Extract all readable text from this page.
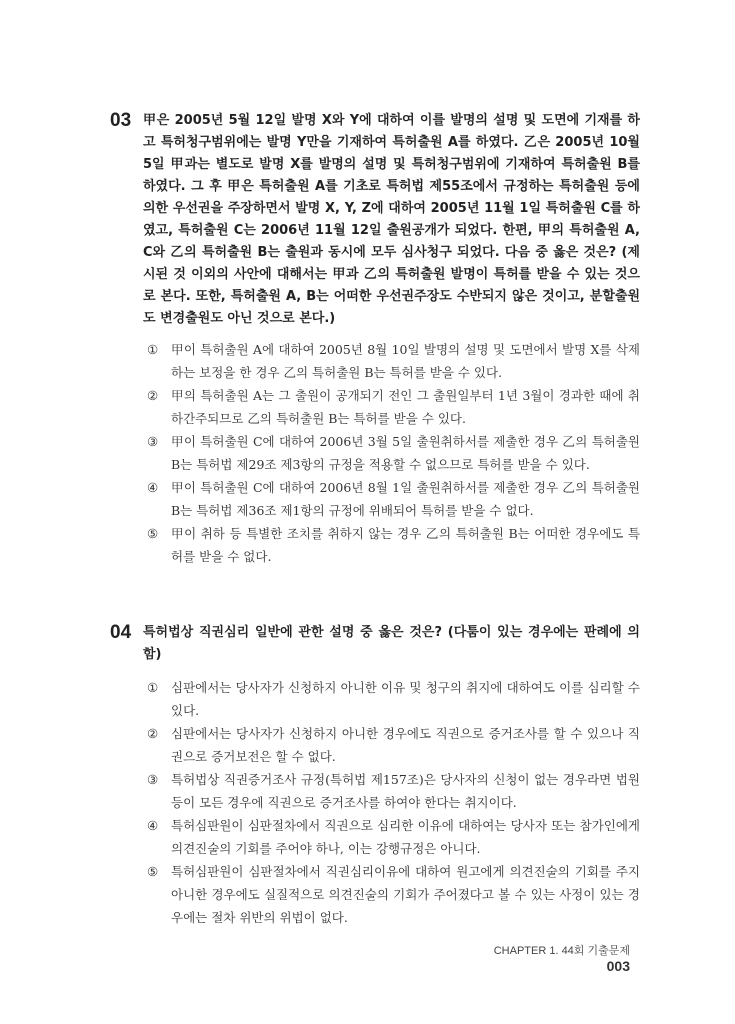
03 甲은 2005년 5월 12일 발명 X와 Y에 대하여 이를 발명의 설명 및 도면에 기재를 하고 특허청구범위에는 발명 Y만을 기재하여 특허출원 A를 하였다. 乙은 2005년 10월 5일 甲과는 별도로 발명 X를 발명의 설명 및 특허청구범위에 기재하여 특허출원 B를 하였다. 그 후 甲은 특허출원 A를 기초로 특허법 제55조에서 규정하는 특허출원 등에 의한 우선권을 주장하면서 발명 X, Y, Z에 대하여 2005년 11월 1일 특허출원 C를 하였고, 특허출원 C는 2006년 11월 12일 출원공개가 되었다. 한편, 甲의 특허출원 A, C와 乙의 특허출원 B는 출원과 동시에 모두 심사청구 되었다. 다음 중 옳은 것은? (제시된 것 이외의 사안에 대해서는 甲과 乙의 특허출원 발명이 특허를 받을 수 있는 것으로 본다. 또한, 특허출원 A, B는 어떠한 우선권주장도 수반되지 않은 것이고, 분할출원도 변경출원도 아닌 것으로 본다.)
①	甲이 특허출원 A에 대하여 2005년 8월 10일 발명의 설명 및 도면에서 발명 X를 삭제하는 보정을 한 경우 乙의 특허출원 B는 특허를 받을 수 있다.
②	甲의 특허출원 A는 그 출원이 공개되기 전인 그 출원일부터 1년 3월이 경과한 때에 취하간주되므로 乙의 특허출원 B는 특허를 받을 수 있다.
③	甲이 특허출원 C에 대하여 2006년 3월 5일 출원취하서를 제출한 경우 乙의 특허출원 B는 특허법 제29조 제3항의 규정을 적용할 수 없으므로 특허를 받을 수 있다.
④	甲이 특허출원 C에 대하여 2006년 8월 1일 출원취하서를 제출한 경우 乙의 특허출원 B는 특허법 제36조 제1항의 규정에 위배되어 특허를 받을 수 없다.
⑤	甲이 취하 등 특별한 조치를 취하지 않는 경우 乙의 특허출원 B는 어떠한 경우에도 특허를 받을 수 없다.
04 특허법상 직권심리 일반에 관한 설명 중 옳은 것은? (다툼이 있는 경우에는 판례에 의함)
①	심판에서는 당사자가 신청하지 아니한 이유 및 청구의 취지에 대하여도 이를 심리할 수 있다.
②	심판에서는 당사자가 신청하지 아니한 경우에도 직권으로 증거조사를 할 수 있으나 직권으로 증거보전은 할 수 없다.
③	특허법상 직권증거조사 규정(특허법 제157조)은 당사자의 신청이 없는 경우라면 법원등이 모든 경우에 직권으로 증거조사를 하여야 한다는 취지이다.
④	특허심판원이 심판절차에서 직권으로 심리한 이유에 대하여는 당사자 또는 참가인에게 의견진술의 기회를 주어야 하나, 이는 강행규정은 아니다.
⑤	특허심판원이 심판절차에서 직권심리이유에 대하여 원고에게 의견진술의 기회를 주지 아니한 경우에도 실질적으로 의견진술의 기회가 주어졌다고 볼 수 있는 사정이 있는 경우에는 절차 위반의 위법이 없다.
CHAPTER 1. 44회 기출문제003
